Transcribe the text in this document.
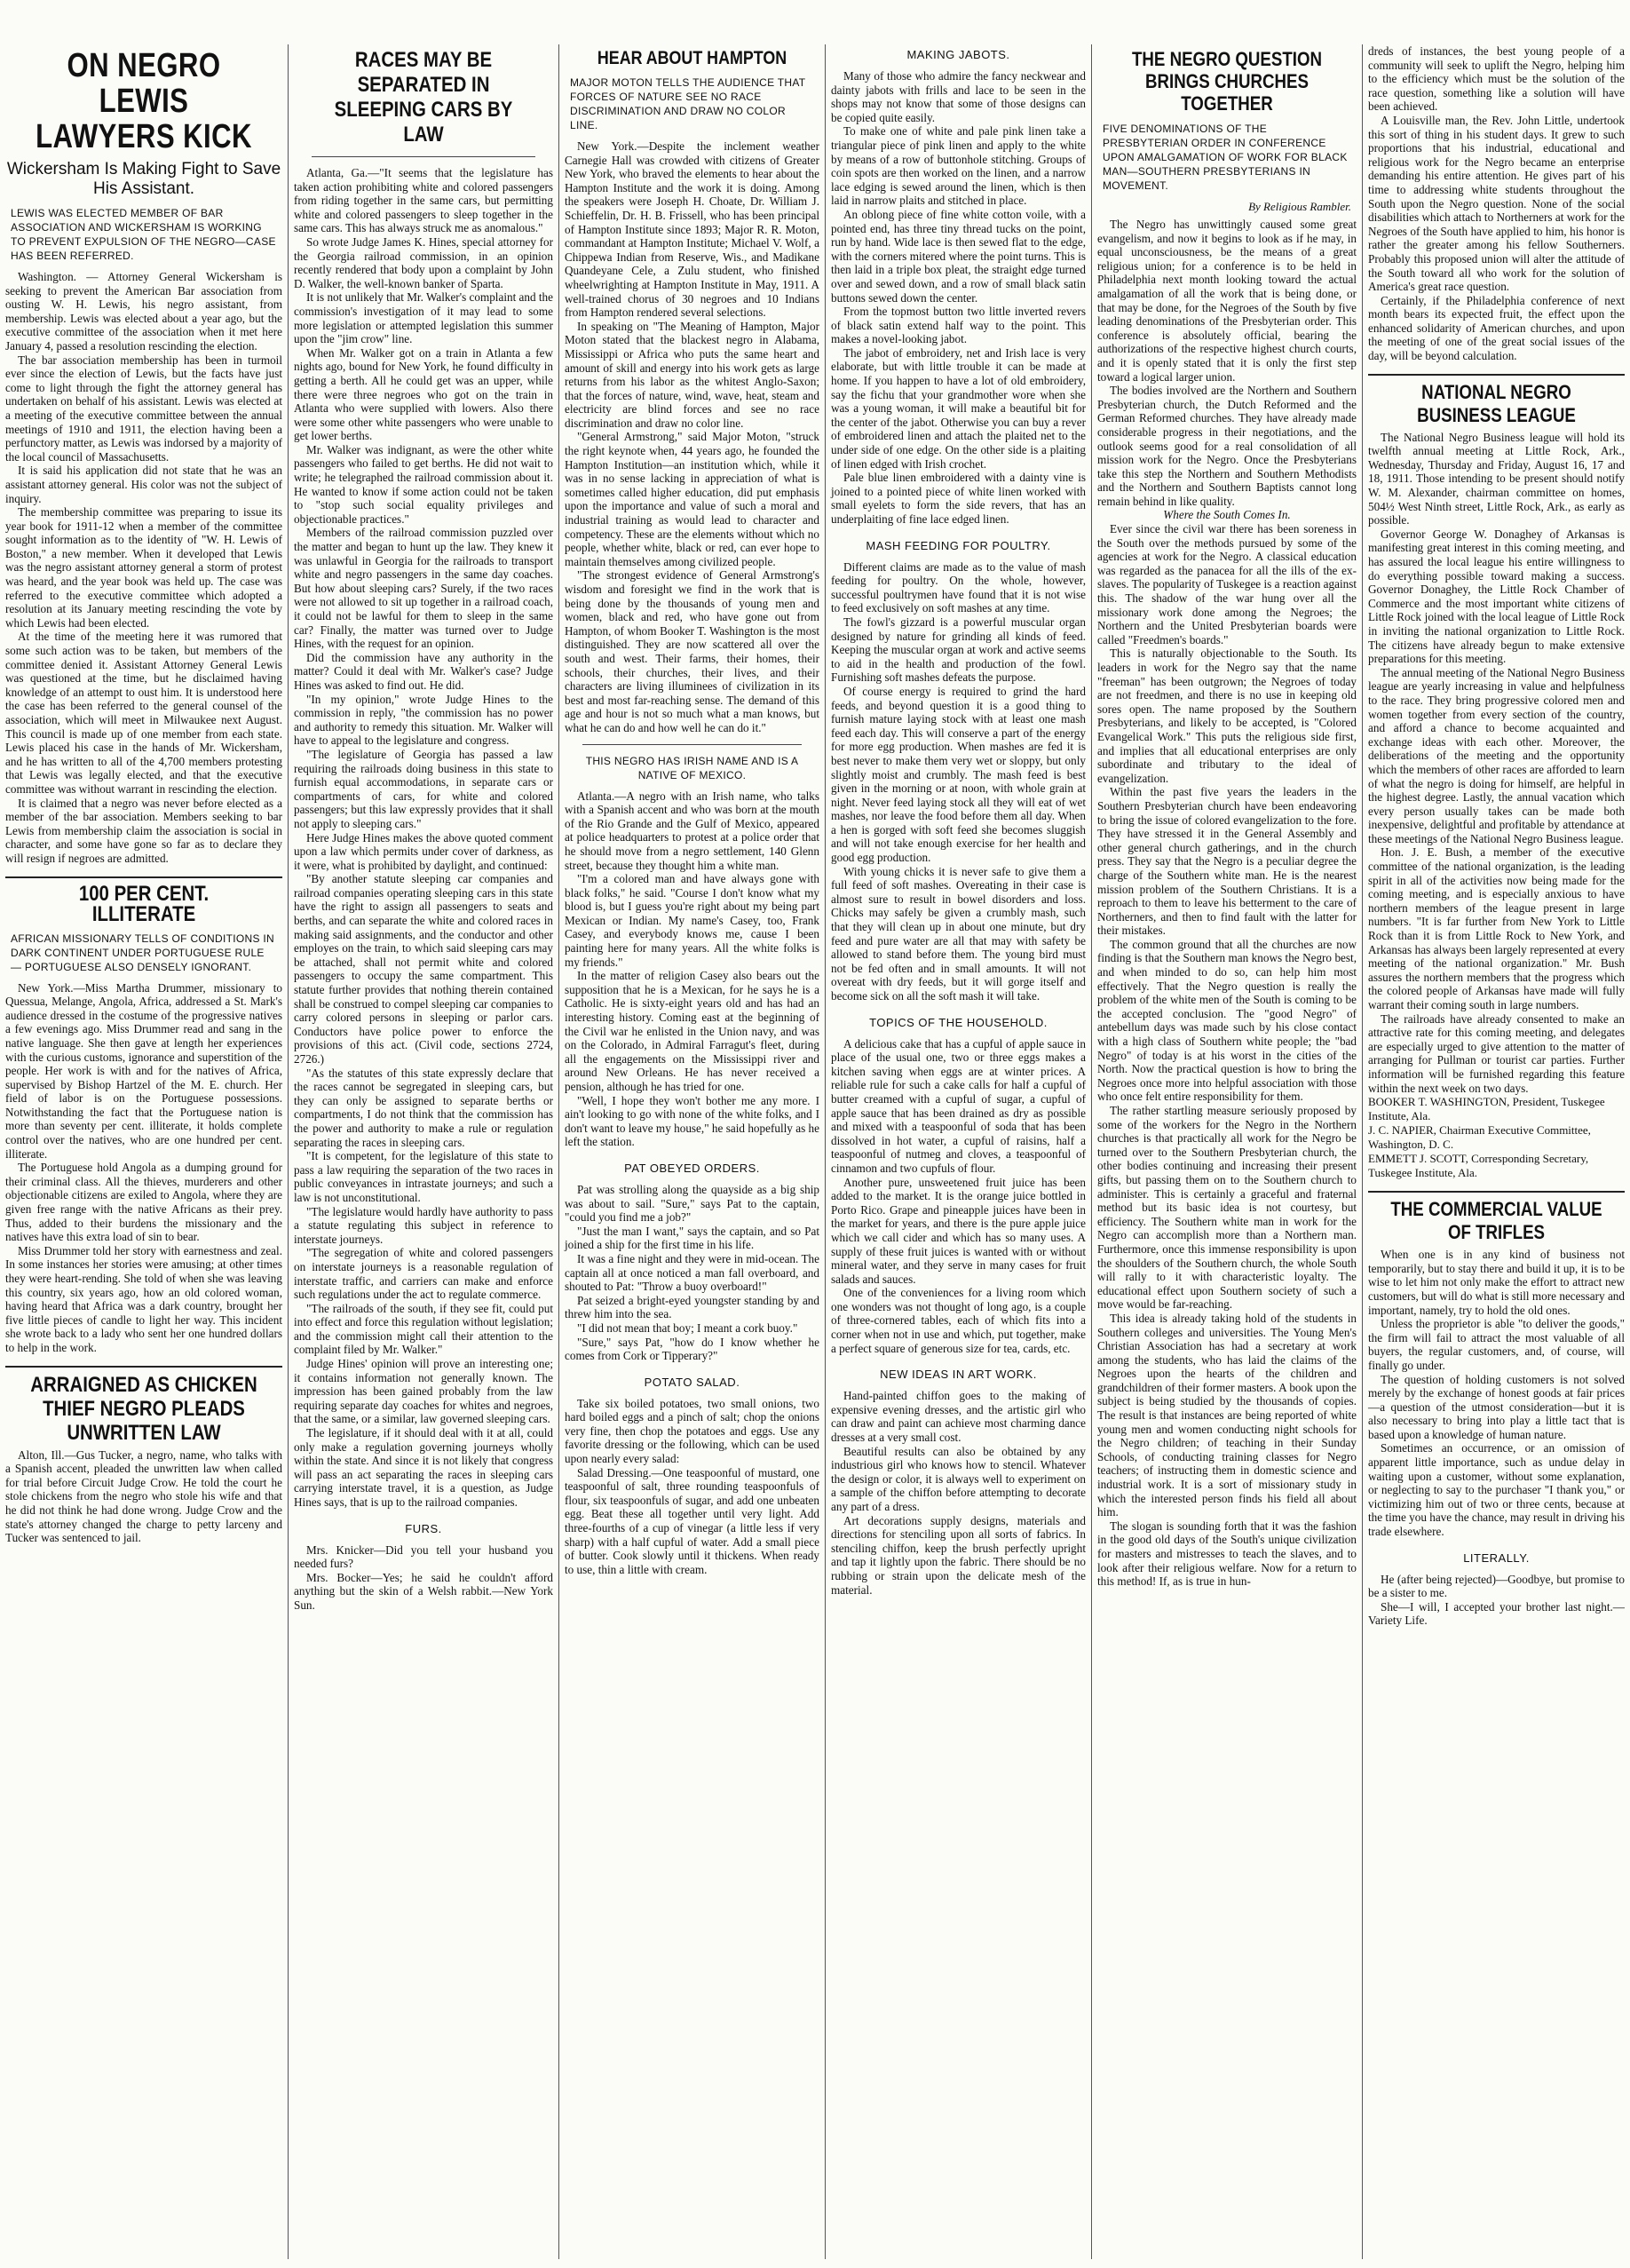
ON NEGRO LEWIS LAWYERS KICK
Wickersham Is Making Fight to Save His Assistant.
LEWIS WAS ELECTED MEMBER OF BAR ASSOCIATION AND WICKERSHAM IS WORKING TO PREVENT EXPULSION OF THE NEGRO—CASE HAS BEEN REFERRED.

Washington. — Attorney General Wickersham is seeking to prevent the American Bar association from ousting W. H. Lewis, his negro assistant, from membership. Lewis was elected about a year ago, but the executive committee of the association when it met here January 4, passed a resolution rescinding the election.

The bar association membership has been in turmoil ever since the election of Lewis, but the facts have just come to light through the fight the attorney general has undertaken on behalf of his assistant. Lewis was elected at a meeting of the executive committee between the annual meetings of 1910 and 1911, the election having been a perfunctory matter, as Lewis was indorsed by a majority of the local council of Massachusetts.

It is said his application did not state that he was an assistant attorney general. His color was not the subject of inquiry.

The membership committee was preparing to issue its year book for 1911-12 when a member of the committee sought information as to the identity of "W. H. Lewis of Boston," a new member. When it developed that Lewis was the negro assistant attorney general a storm of protest was heard, and the year book was held up. The case was referred to the executive committee which adopted a resolution at its January meeting rescinding the vote by which Lewis had been elected.

At the time of the meeting here it was rumored that some such action was to be taken, but members of the committee denied it. Assistant Attorney General Lewis was questioned at the time, but he disclaimed having knowledge of an attempt to oust him. It is understood here the case has been referred to the general counsel of the association, which will meet in Milwaukee next August. This council is made up of one member from each state. Lewis placed his case in the hands of Mr. Wickersham, and he has written to all of the 4,700 members protesting that Lewis was legally elected, and that the executive committee was without warrant in rescinding the election.

It is claimed that a negro was never before elected as a member of the bar association. Members seeking to bar Lewis from membership claim the association is social in character, and some have gone so far as to declare they will resign if negroes are admitted.

100 PER CENT. ILLITERATE
AFRICAN MISSIONARY TELLS OF CONDITIONS IN DARK CONTINENT UNDER PORTUGUESE RULE — PORTUGUESE ALSO DENSELY IGNORANT.

New York.—Miss Martha Drummer, missionary to Quessua, Melange, Angola, Africa, addressed a St. Mark's audience dressed in the costume of the progressive natives a few evenings ago. Miss Drummer read and sang in the native language. She then gave at length her experiences with the curious customs, ignorance and superstition of the people. Her work is with and for the natives of Africa, supervised by Bishop Hartzel of the M. E. church. Her field of labor is on the Portuguese possessions. Notwithstanding the fact that the Portuguese nation is more than seventy per cent. illiterate, it holds complete control over the natives, who are one hundred per cent. illiterate.

The Portuguese hold Angola as a dumping ground for their criminal class. All the thieves, murderers and other objectionable citizens are exiled to Angola, where they are given free range with the native Africans as their prey. Thus, added to their burdens the missionary and the natives have this extra load of sin to bear.

Miss Drummer told her story with earnestness and zeal. In some instances her stories were amusing; at other times they were heart-rending. She told of when she was leaving this country, six years ago, how an old colored woman, having heard that Africa was a dark country, brought her five little pieces of candle to light her way. This incident she wrote back to a lady who sent her one hundred dollars to help in the work.

ARRAIGNED AS CHICKEN THIEF NEGRO PLEADS UNWRITTEN LAW

Alton, Ill.—Gus Tucker, a negro, name, who talks with a Spanish accent, pleaded the unwritten law when called for trial before Circuit Judge Crow. He told the court he stole chickens from the negro who stole his wife and that he did not think he had done wrong. Judge Crow and the state's attorney changed the charge to petty larceny and Tucker was sentenced to jail.

RACES MAY BE SEPARATED IN SLEEPING CARS BY LAW

Atlanta, Ga.—"It seems that the legislature has taken action prohibiting white and colored passengers from riding together in the same cars, but permitting white and colored passengers to sleep together in the same cars. This has always struck me as anomalous."

So wrote Judge James K. Hines, special attorney for the Georgia railroad commission, in an opinion recently rendered that body upon a complaint by John D. Walker, the well-known banker of Sparta.

It is not unlikely that Mr. Walker's complaint and the commission's investigation of it may lead to some more legislation or attempted legislation this summer upon the "jim crow" line.

When Mr. Walker got on a train in Atlanta a few nights ago, bound for New York, he found difficulty in getting a berth. All he could get was an upper, while there were three negroes who got on the train in Atlanta who were supplied with lowers. Also there were some other white passengers who were unable to get lower berths.

Mr. Walker was indignant, as were the other white passengers who failed to get berths. He did not wait to write; he telegraphed the railroad commission about it. He wanted to know if some action could not be taken to "stop such social equality privileges and objectionable practices."

Members of the railroad commission puzzled over the matter and began to hunt up the law. They knew it was unlawful in Georgia for the railroads to transport white and negro passengers in the same day coaches. But how about sleeping cars? Surely, if the two races were not allowed to sit up together in a railroad coach, it could not be lawful for them to sleep in the same car? Finally, the matter was turned over to Judge Hines, with the request for an opinion.

Did the commission have any authority in the matter? Could it deal with Mr. Walker's case? Judge Hines was asked to find out. He did.

"In my opinion," wrote Judge Hines to the commission in reply, "the commission has no power and authority to remedy this situation. Mr. Walker will have to appeal to the legislature and congress.

"The legislature of Georgia has passed a law requiring the railroads doing business in this state to furnish equal accommodations, in separate cars or compartments of cars, for white and colored passengers; but this law expressly provides that it shall not apply to sleeping cars."

Here Judge Hines makes the above quoted comment upon a law which permits under cover of darkness, as it were, what is prohibited by daylight, and continued:

"By another statute sleeping car companies and railroad companies operating sleeping cars in this state have the right to assign all passengers to seats and berths, and can separate the white and colored races in making said assignments, and the conductor and other employes on the train, to which said sleeping cars may be attached, shall not permit white and colored passengers to occupy the same compartment. This statute further provides that nothing therein contained shall be construed to compel sleeping car companies to carry colored persons in sleeping or parlor cars. Conductors have police power to enforce the provisions of this act. (Civil code, sections 2724, 2726.)

"As the statutes of this state expressly declare that the races cannot be segregated in sleeping cars, but they can only be assigned to separate berths or compartments, I do not think that the commission has the power and authority to make a rule or regulation separating the races in sleeping cars.

"It is competent, for the legislature of this state to pass a law requiring the separation of the two races in public conveyances in intrastate journeys; and such a law is not unconstitutional.

"The legislature would hardly have authority to pass a statute regulating this subject in reference to interstate journeys.

"The segregation of white and colored passengers on interstate journeys is a reasonable regulation of interstate traffic, and carriers can make and enforce such regulations under the act to regulate commerce.

"The railroads of the south, if they see fit, could put into effect and force this regulation without legislation; and the commission might call their attention to the complaint filed by Mr. Walker."

Judge Hines' opinion will prove an interesting one; it contains information not generally known. The impression has been gained probably from the law requiring separate day coaches for whites and negroes, that the same, or a similar, law governed sleeping cars.

The legislature, if it should deal with it at all, could only make a regulation governing journeys wholly within the state. And since it is not likely that congress will pass an act separating the races in sleeping cars carrying interstate travel, it is a question, as Judge Hines says, that is up to the railroad companies.

FURS.

Mrs. Knicker—Did you tell your husband you needed furs?

Mrs. Bocker—Yes; he said he couldn't afford anything but the skin of a Welsh rabbit.—New York Sun.

HEAR ABOUT HAMPTON
MAJOR MOTON TELLS THE AUDIENCE THAT FORCES OF NATURE SEE NO RACE DISCRIMINATION AND DRAW NO COLOR LINE.

New York.—Despite the inclement weather Carnegie Hall was crowded with citizens of Greater New York, who braved the elements to hear about the Hampton Institute and the work it is doing. Among the speakers were Joseph H. Choate, Dr. William J. Schieffelin, Dr. H. B. Frissell, who has been principal of Hampton Institute since 1893; Major R. R. Moton, commandant at Hampton Institute; Michael V. Wolf, a Chippewa Indian from Reserve, Wis., and Madikane Quandeyane Cele, a Zulu student, who finished wheelwrighting at Hampton Institute in May, 1911. A well-trained chorus of 30 negroes and 10 Indians from Hampton rendered several selections.

In speaking on "The Meaning of Hampton, Major Moton stated that the blackest negro in Alabama, Mississippi or Africa who puts the same heart and amount of skill and energy into his work gets as large returns from his labor as the whitest Anglo-Saxon; that the forces of nature, wind, wave, heat, steam and electricity are blind forces and see no race discrimination and draw no color line.

"General Armstrong," said Major Moton, "struck the right keynote when, 44 years ago, he founded the Hampton Institution—an institution which, while it was in no sense lacking in appreciation of what is sometimes called higher education, did put emphasis upon the importance and value of such a moral and industrial training as would lead to character and competency. These are the elements without which no people, whether white, black or red, can ever hope to maintain themselves among civilized people.

"The strongest evidence of General Armstrong's wisdom and foresight we find in the work that is being done by the thousands of young men and women, black and red, who have gone out from Hampton, of whom Booker T. Washington is the most distinguished. They are now scattered all over the south and west. Their farms, their homes, their schools, their churches, their lives, and their characters are living illuminees of civilization in its best and most far-reaching sense. The demand of this age and hour is not so much what a man knows, but what he can do and how well he can do it."

THIS NEGRO HAS IRISH NAME AND IS A NATIVE OF MEXICO.

Atlanta.—A negro with an Irish name, who talks with a Spanish accent and who was born at the mouth of the Rio Grande and the Gulf of Mexico, appeared at police headquarters to protest at a police order that he should move from a negro settlement, 140 Glenn street, because they thought him a white man.

"I'm a colored man and have always gone with black folks," he said. "Course I don't know what my blood is, but I guess you're right about my being part Mexican or Indian. My name's Casey, too, Frank Casey, and everybody knows me, cause I been painting here for many years. All the white folks is my friends."

In the matter of religion Casey also bears out the supposition that he is a Mexican, for he says he is a Catholic. He is sixty-eight years old and has had an interesting history. Coming east at the beginning of the Civil war he enlisted in the Union navy, and was on the Colorado, in Admiral Farragut's fleet, during all the engagements on the Mississippi river and around New Orleans. He has never received a pension, although he has tried for one.

"Well, I hope they won't bother me any more. I ain't looking to go with none of the white folks, and I don't want to leave my house," he said hopefully as he left the station.

PAT OBEYED ORDERS.

Pat was strolling along the quayside as a big ship was about to sail. "Sure," says Pat to the captain, "could you find me a job?"

"Just the man I want," says the captain, and so Pat joined a ship for the first time in his life.

It was a fine night and they were in mid-ocean. The captain all at once noticed a man fall overboard, and shouted to Pat: "Throw a buoy overboard!"

Pat seized a bright-eyed youngster standing by and threw him into the sea.

"I did not mean that boy; I meant a cork buoy."

"Sure," says Pat, "how do I know whether he comes from Cork or Tipperary?"

POTATO SALAD.

Take six boiled potatoes, two small onions, two hard boiled eggs and a pinch of salt; chop the onions very fine, then chop the potatoes and eggs. Use any favorite dressing or the following, which can be used upon nearly every salad:

Salad Dressing.—One teaspoonful of mustard, one teaspoonful of salt, three rounding teaspoonfuls of flour, six teaspoonfuls of sugar, and add one unbeaten egg. Beat these all together until very light. Add three-fourths of a cup of vinegar (a little less if very sharp) with a half cupful of water. Add a small piece of butter. Cook slowly until it thickens. When ready to use, thin a little with cream.

MAKING JABOTS.

Many of those who admire the fancy neckwear and dainty jabots with frills and lace to be seen in the shops may not know that some of those designs can be copied quite easily.

To make one of white and pale pink linen take a triangular piece of pink linen and apply to the white by means of a row of buttonhole stitching. Groups of coin spots are then worked on the linen, and a narrow lace edging is sewed around the linen, which is then laid in narrow plaits and stitched in place.

An oblong piece of fine white cotton voile, with a pointed end, has three tiny thread tucks on the point, run by hand. Wide lace is then sewed flat to the edge, with the corners mitered where the point turns. This is then laid in a triple box pleat, the straight edge turned over and sewed down, and a row of small black satin buttons sewed down the center.

From the topmost button two little inverted revers of black satin extend half way to the point. This makes a novel-looking jabot.

The jabot of embroidery, net and Irish lace is very elaborate, but with little trouble it can be made at home. If you happen to have a lot of old embroidery, say the fichu that your grandmother wore when she was a young woman, it will make a beautiful bit for the center of the jabot. Otherwise you can buy a rever of embroidered linen and attach the plaited net to the under side of one edge. On the other side is a plaiting of linen edged with Irish crochet.

Pale blue linen embroidered with a dainty vine is joined to a pointed piece of white linen worked with small eyelets to form the side revers, that has an underplaiting of fine lace edged linen.

MASH FEEDING FOR POULTRY.

Different claims are made as to the value of mash feeding for poultry. On the whole, however, successful poultrymen have found that it is not wise to feed exclusively on soft mashes at any time.

The fowl's gizzard is a powerful muscular organ designed by nature for grinding all kinds of feed. Keeping the muscular organ at work and active seems to aid in the health and production of the fowl. Furnishing soft mashes defeats the purpose.

Of course energy is required to grind the hard feeds, and beyond question it is a good thing to furnish mature laying stock with at least one mash feed each day. This will conserve a part of the energy for more egg production. When mashes are fed it is best never to make them very wet or sloppy, but only slightly moist and crumbly. The mash feed is best given in the morning or at noon, with whole grain at night. Never feed laying stock all they will eat of wet mashes, nor leave the food before them all day. When a hen is gorged with soft feed she becomes sluggish and will not take enough exercise for her health and good egg production.

With young chicks it is never safe to give them a full feed of soft mashes. Overeating in their case is almost sure to result in bowel disorders and loss. Chicks may safely be given a crumbly mash, such that they will clean up in about one minute, but dry feed and pure water are all that may with safety be allowed to stand before them. The young bird must not be fed often and in small amounts. It will not overeat with dry feeds, but it will gorge itself and become sick on all the soft mash it will take.

TOPICS OF THE HOUSEHOLD.

A delicious cake that has a cupful of apple sauce in place of the usual one, two or three eggs makes a kitchen saving when eggs are at winter prices. A reliable rule for such a cake calls for half a cupful of butter creamed with a cupful of sugar, a cupful of apple sauce that has been drained as dry as possible and mixed with a teaspoonful of soda that has been dissolved in hot water, a cupful of raisins, half a teaspoonful of nutmeg and cloves, a teaspoonful of cinnamon and two cupfuls of flour.

Another pure, unsweetened fruit juice has been added to the market. It is the orange juice bottled in Porto Rico. Grape and pineapple juices have been in the market for years, and there is the pure apple juice which we call cider and which has so many uses. A supply of these fruit juices is wanted with or without mineral water, and they serve in many cases for fruit salads and sauces.

One of the conveniences for a living room which one wonders was not thought of long ago, is a couple of three-cornered tables, each of which fits into a corner when not in use and which, put together, make a perfect square of generous size for tea, cards, etc.

NEW IDEAS IN ART WORK.

Hand-painted chiffon goes to the making of expensive evening dresses, and the artistic girl who can draw and paint can achieve most charming dance dresses at a very small cost.

Beautiful results can also be obtained by any industrious girl who knows how to stencil. Whatever the design or color, it is always well to experiment on a sample of the chiffon before attempting to decorate any part of a dress.

Art decorations supply designs, materials and directions for stenciling upon all sorts of fabrics. In stenciling chiffon, keep the brush perfectly upright and tap it lightly upon the fabric. There should be no rubbing or strain upon the delicate mesh of the material.

THE NEGRO QUESTION BRINGS CHURCHES TOGETHER
FIVE DENOMINATIONS OF THE PRESBYTERIAN ORDER IN CONFERENCE UPON AMALGAMATION OF WORK FOR BLACK MAN—SOUTHERN PRESBYTERIANS IN MOVEMENT.
By Religious Rambler.

The Negro has unwittingly caused some great evangelism, and now it begins to look as if he may, in equal unconsciousness, be the means of a great religious union; for a conference is to be held in Philadelphia next month looking toward the actual amalgamation of all the work that is being done, or that may be done, for the Negroes of the South by five leading denominations of the Presbyterian order. This conference is absolutely official, bearing the authorizations of the respective highest church courts, and it is openly stated that it is only the first step toward a logical larger union.

The bodies involved are the Northern and Southern Presbyterian church, the Dutch Reformed and the German Reformed churches. They have already made considerable progress in their negotiations, and the outlook seems good for a real consolidation of all mission work for the Negro. Once the Presbyterians take this step the Northern and Southern Methodists and the Northern and Southern Baptists cannot long remain behind in like quality.

Where the South Comes In.

Ever since the civil war there has been soreness in the South over the methods pursued by some of the agencies at work for the Negro. A classical education was regarded as the panacea for all the ills of the ex-slaves. The popularity of Tuskegee is a reaction against this. The shadow of the war hung over all the missionary work done among the Negroes; the Northern and the United Presbyterian boards were called "Freedmen's boards."

This is naturally objectionable to the South. Its leaders in work for the Negro say that the name "freeman" has been outgrown; the Negroes of today are not freedmen, and there is no use in keeping old sores open. The name proposed by the Southern Presbyterians, and likely to be accepted, is "Colored Evangelical Work." This puts the religious side first, and implies that all educational enterprises are only subordinate and tributary to the ideal of evangelization.

Within the past five years the leaders in the Southern Presbyterian church have been endeavoring to bring the issue of colored evangelization to the fore. They have stressed it in the General Assembly and other general church gatherings, and in the church press. They say that the Negro is a peculiar degree the charge of the Southern white man. He is the nearest mission problem of the Southern Christians. It is a reproach to them to leave his betterment to the care of Northerners, and then to find fault with the latter for their mistakes.

The common ground that all the churches are now finding is that the Southern man knows the Negro best, and when minded to do so, can help him most effectively. That the Negro question is really the problem of the white men of the South is coming to be the accepted conclusion. The "good Negro" of antebellum days was made such by his close contact with a high class of Southern white people; the "bad Negro" of today is at his worst in the cities of the North. Now the practical question is how to bring the Negroes once more into helpful association with those who once felt entire responsibility for them.

The rather startling measure seriously proposed by some of the workers for the Negro in the Northern churches is that practically all work for the Negro be turned over to the Southern Presbyterian church, the other bodies continuing and increasing their present gifts, but passing them on to the Southern church to administer. This is certainly a graceful and fraternal method but its basic idea is not courtesy, but efficiency. The Southern white man in work for the Negro can accomplish more than a Northern man. Furthermore, once this immense responsibility is upon the shoulders of the Southern church, the whole South will rally to it with characteristic loyalty. The educational effect upon Southern society of such a move would be far-reaching.

This idea is already taking hold of the students in Southern colleges and universities. The Young Men's Christian Association has had a secretary at work among the students, who has laid the claims of the Negroes upon the hearts of the children and grandchildren of their former masters. A book upon the subject is being studied by the thousands of copies. The result is that instances are being reported of white young men and women conducting night schools for the Negro children; of teaching in their Sunday Schools, of conducting training classes for Negro teachers; of instructing them in domestic science and industrial work. It is a sort of missionary study in which the interested person finds his field all about him.

The slogan is sounding forth that it was the fashion in the good old days of the South's unique civilization for masters and mistresses to teach the slaves, and to look after their religious welfare. Now for a return to this method! If, as is true in hun-

dreds of instances, the best young people of a community will seek to uplift the Negro, helping him to the efficiency which must be the solution of the race question, something like a solution will have been achieved.

A Louisville man, the Rev. John Little, undertook this sort of thing in his student days. It grew to such proportions that his industrial, educational and religious work for the Negro became an enterprise demanding his entire attention. He gives part of his time to addressing white students throughout the South upon the Negro question. None of the social disabilities which attach to Northerners at work for the Negroes of the South have applied to him, his honor is rather the greater among his fellow Southerners. Probably this proposed union will alter the attitude of the South toward all who work for the solution of America's great race question.

Certainly, if the Philadelphia conference of next month bears its expected fruit, the effect upon the enhanced solidarity of American churches, and upon the meeting of one of the great social issues of the day, will be beyond calculation.

NATIONAL NEGRO BUSINESS LEAGUE

The National Negro Business league will hold its twelfth annual meeting at Little Rock, Ark., Wednesday, Thursday and Friday, August 16, 17 and 18, 1911. Those intending to be present should notify W. M. Alexander, chairman committee on homes, 504½ West Ninth street, Little Rock, Ark., as early as possible.

Governor George W. Donaghey of Arkansas is manifesting great interest in this coming meeting, and has assured the local league his entire willingness to do everything possible toward making a success. Governor Donaghey, the Little Rock Chamber of Commerce and the most important white citizens of Little Rock joined with the local league of Little Rock in inviting the national organization to Little Rock. The citizens have already begun to make extensive preparations for this meeting.

The annual meeting of the National Negro Business league are yearly increasing in value and helpfulness to the race. They bring progressive colored men and women together from every section of the country, and afford a chance to become acquainted and exchange ideas with each other. Moreover, the deliberations of the meeting and the opportunity which the members of other races are afforded to learn of what the negro is doing for himself, are helpful in the highest degree. Lastly, the annual vacation which every person usually takes can be made both inexpensive, delightful and profitable by attendance at these meetings of the National Negro Business league.

Hon. J. E. Bush, a member of the executive committee of the national organization, is the leading spirit in all of the activities now being made for the coming meeting, and is especially anxious to have northern members of the league present in large numbers. "It is far further from New York to Little Rock than it is from Little Rock to New York, and Arkansas has always been largely represented at every meeting of the national organization." Mr. Bush assures the northern members that the progress which the colored people of Arkansas have made will fully warrant their coming south in large numbers.

The railroads have already consented to make an attractive rate for this coming meeting, and delegates are especially urged to give attention to the matter of arranging for Pullman or tourist car parties. Further information will be furnished regarding this feature within the next week on two days.

BOOKER T. WASHINGTON, President, Tuskegee Institute, Ala.

J. C. NAPIER, Chairman Executive Committee, Washington, D. C.

EMMETT J. SCOTT, Corresponding Secretary, Tuskegee Institute, Ala.

THE COMMERCIAL VALUE OF TRIFLES

When one is in any kind of business not temporarily, but to stay there and build it up, it is to be wise to let him not only make the effort to attract new customers, but will do what is still more necessary and important, namely, try to hold the old ones.

Unless the proprietor is able "to deliver the goods," the firm will fail to attract the most valuable of all buyers, the regular customers, and, of course, will finally go under.

The question of holding customers is not solved merely by the exchange of honest goods at fair prices—a question of the utmost consideration—but it is also necessary to bring into play a little tact that is based upon a knowledge of human nature.

Sometimes an occurrence, or an omission of apparent little importance, such as undue delay in waiting upon a customer, without some explanation, or neglecting to say to the purchaser "I thank you," or victimizing him out of two or three cents, because at the time you have the chance, may result in driving his trade elsewhere.

LITERALLY.

He (after being rejected)—Goodbye, but promise to be a sister to me.

She—I will, I accepted your brother last night.—Variety Life.
